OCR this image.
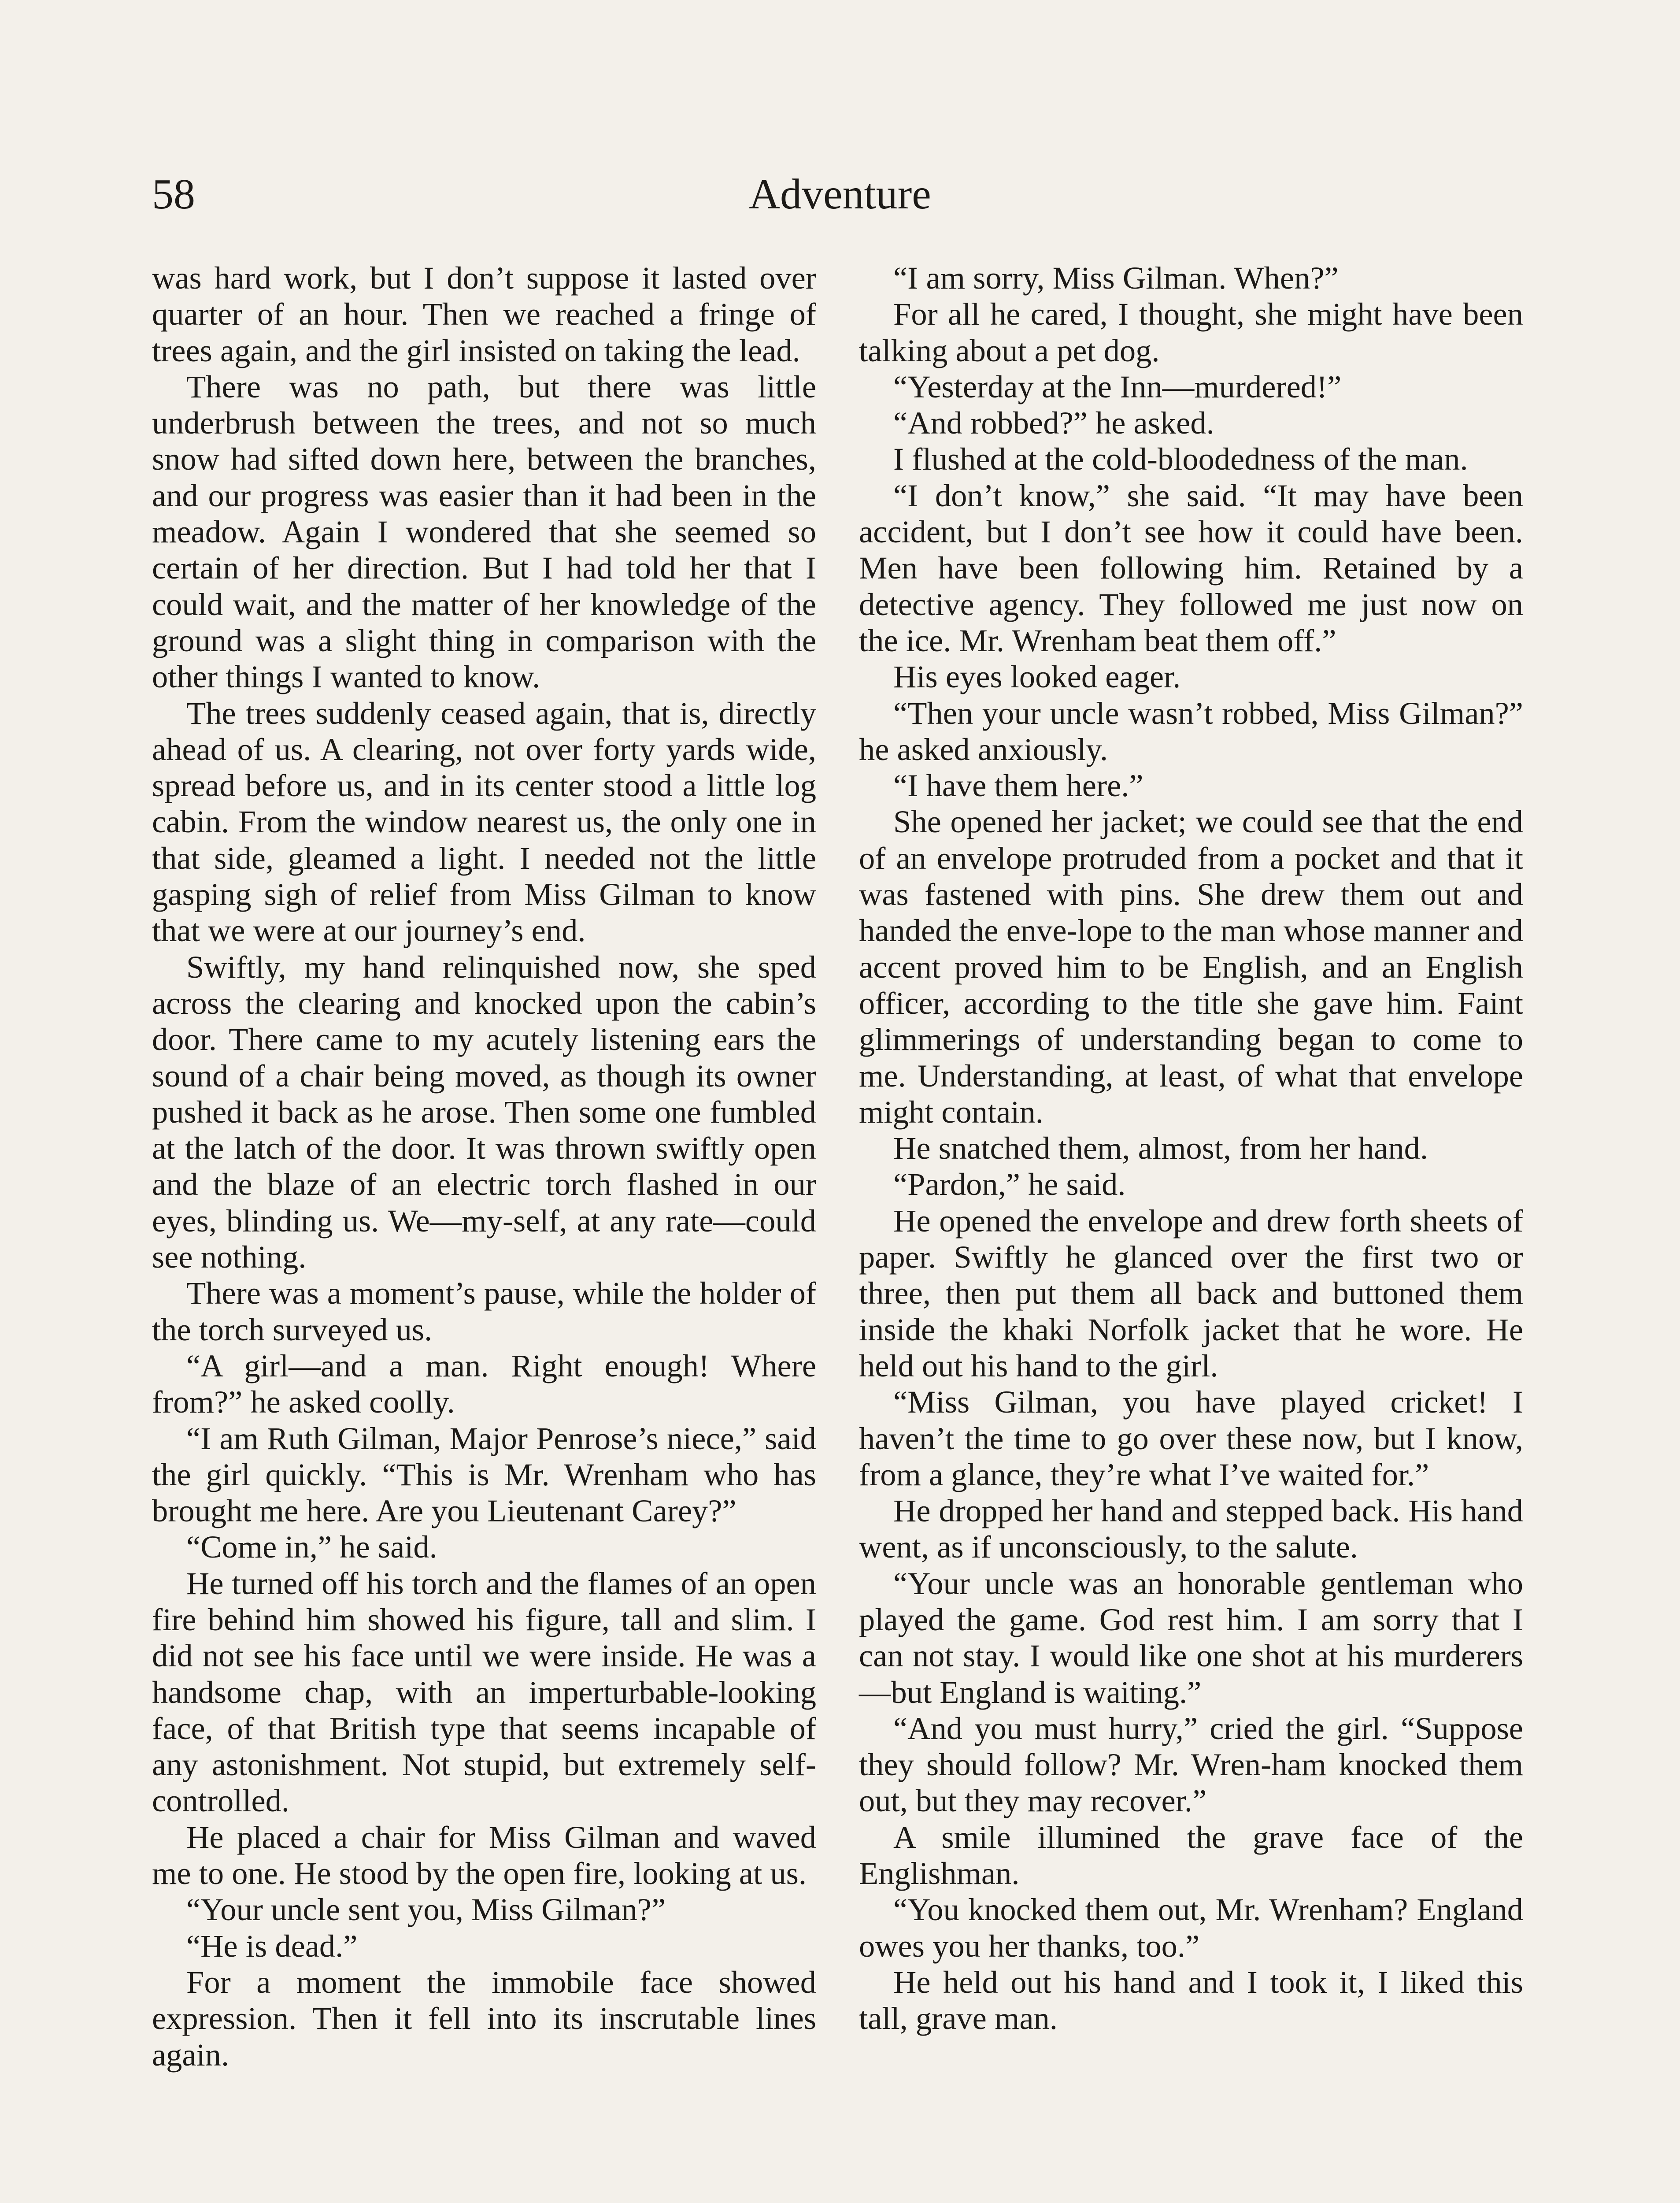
58	Adventure

was hard work, but I don’t suppose it lasted over quarter of an hour. Then we reached a fringe of trees again, and the girl insisted on taking the lead.

There was no path, but there was little underbrush between the trees, and not so much snow had sifted down here, between the branches, and our progress was easier than it had been in the meadow. Again I wondered that she seemed so certain of her direction. But I had told her that I could wait, and the matter of her knowledge of the ground was a slight thing in comparison with the other things I wanted to know.

The trees suddenly ceased again, that is, directly ahead of us. A clearing, not over forty yards wide, spread before us, and in its center stood a little log cabin. From the window nearest us, the only one in that side, gleamed a light. I needed not the little gasping sigh of relief from Miss Gilman to know that we were at our journey’s end.

Swiftly, my hand relinquished now, she sped across the clearing and knocked upon the cabin’s door. There came to my acutely listening ears the sound of a chair being moved, as though its owner pushed it back as he arose. Then some one fumbled at the latch of the door. It was thrown swiftly open and the blaze of an electric torch flashed in our eyes, blinding us. We—my-self, at any rate—could see nothing.

There was a moment’s pause, while the holder of the torch surveyed us.

“A girl—and a man. Right enough! Where from?” he asked coolly.

“I am Ruth Gilman, Major Penrose’s niece,” said the girl quickly. “This is Mr. Wrenham who has brought me here. Are you Lieutenant Carey?”

“Come in,” he said.

He turned off his torch and the flames of an open fire behind him showed his figure, tall and slim. I did not see his face until we were inside. He was a handsome chap, with an imperturbable-looking face, of that British type that seems incapable of any astonishment. Not stupid, but extremely self-controlled.

He placed a chair for Miss Gilman and waved me to one. He stood by the open fire, looking at us.

“Your uncle sent you, Miss Gilman?”

“He is dead.”

For a moment the immobile face showed expression. Then it fell into its inscrutable lines again.

“I am sorry, Miss Gilman. When?”

For all he cared, I thought, she might have been talking about a pet dog.

“Yesterday at the Inn—murdered!”

“And robbed?” he asked.

I flushed at the cold-bloodedness of the man.

“I don’t know,” she said. “It may have been accident, but I don’t see how it could have been. Men have been following him. Retained by a detective agency. They followed me just now on the ice. Mr. Wrenham beat them off.”

His eyes looked eager.

“Then your uncle wasn’t robbed, Miss Gilman?” he asked anxiously.

“I have them here.”

She opened her jacket; we could see that the end of an envelope protruded from a pocket and that it was fastened with pins. She drew them out and handed the enve-lope to the man whose manner and accent proved him to be English, and an English officer, according to the title she gave him. Faint glimmerings of understanding began to come to me. Understanding, at least, of what that envelope might contain.

He snatched them, almost, from her hand.

“Pardon,” he said.

He opened the envelope and drew forth sheets of paper. Swiftly he glanced over the first two or three, then put them all back and buttoned them inside the khaki Norfolk jacket that he wore. He held out his hand to the girl.

“Miss Gilman, you have played cricket! I haven’t the time to go over these now, but I know, from a glance, they’re what I’ve waited for.”

He dropped her hand and stepped back. His hand went, as if unconsciously, to the salute.

“Your uncle was an honorable gentleman who played the game. God rest him. I am sorry that I can not stay. I would like one shot at his murderers—but England is waiting.”

“And you must hurry,” cried the girl. “Suppose they should follow? Mr. Wren-ham knocked them out, but they may recover.”

A smile illumined the grave face of the Englishman.

“You knocked them out, Mr. Wrenham? England owes you her thanks, too.”

He held out his hand and I took it, I liked this tall, grave man.
